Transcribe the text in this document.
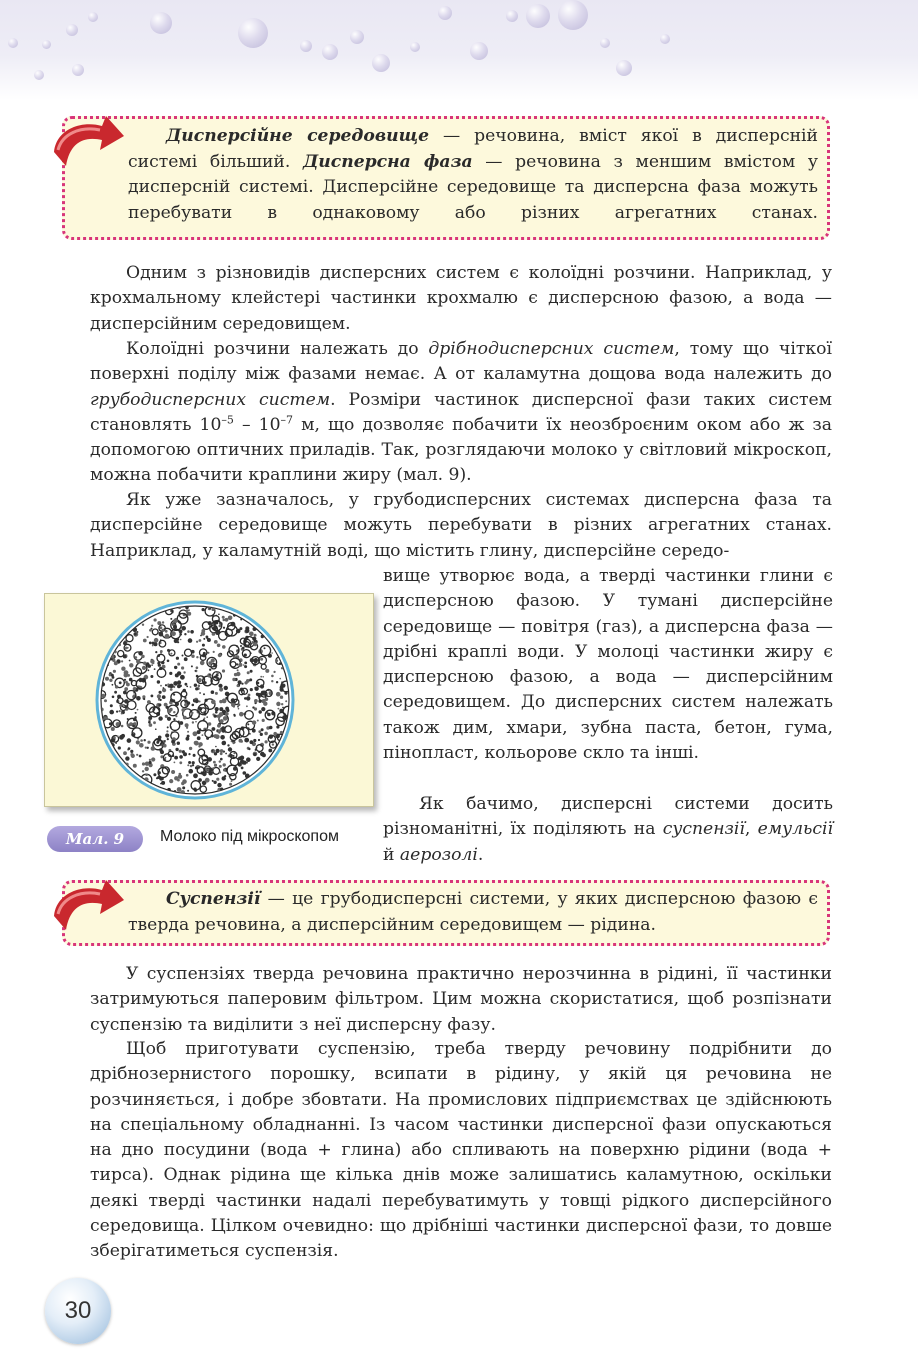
Дисперсійне середовище — речовина, вміст якої в дисперсній системі більший. Дисперсна фаза — речовина з меншим вмістом у дисперсній системі. Дисперсійне середовище та дисперсна фаза можуть перебувати в однаковому або різних агрегатних станах.

Одним з різновидів дисперсних систем є колоїдні розчини. Наприклад, у крохмальному клейстері частинки крохмалю є дисперсною фазою, а вода — дисперсійним середовищем.

Колоїдні розчини належать до дрібнодисперсних систем, тому що чіткої поверхні поділу між фазами немає. А от каламутна дощова вода належить до грубодисперсних систем. Розміри частинок дисперсної фази таких систем становлять $10^{-5} - 10^{-7}$ м, що дозволяє побачити їх неозброєним оком або ж за допомогою оптичних приладів. Так, розглядаючи молоко у світловий мікроскоп, можна побачити краплини жиру (мал. 9).

Як уже зазначалось, у грубодисперсних системах дисперсна фаза та дисперсійне середовище можуть перебувати в різних агрегатних станах. Наприклад, у каламутній воді, що містить глину, дисперсійне середо-

вище утворює вода, а тверді частинки глини є дисперсною фазою. У тумані дисперсійне середовище — повітря (газ), а дисперсна фаза — дрібні краплі води. У молоці частинки жиру є дисперсною фазою, а вода — дисперсійним середовищем. До дисперсних систем належать також дим, хмари, зубна паста, бетон, гума, пінопласт, кольорове скло та інші.

Як бачимо, дисперсні системи досить різноманітні, їх поділяють на суспензії, емульсії й аерозолі.

Мал. 9	Молоко під мікроскопом
Суспензії — це грубодисперсні системи, у яких дисперсною фазою є тверда речовина, а дисперсійним середовищем — рідина.

У суспензіях тверда речовина практично нерозчинна в рідині, її частинки затримуються паперовим фільтром. Цим можна скористатися, щоб розпізнати суспензію та виділити з неї дисперсну фазу.

Щоб приготувати суспензію, треба тверду речовину подрібнити до дрібнозернистого порошку, всипати в рідину, у якій ця речовина не розчиняється, і добре збовтати. На промислових підприємствах це здійснюють на спеціальному обладнанні. Із часом частинки дисперсної фази опускаються на дно посудини (вода + глина) або спливають на поверхню рідини (вода + тирса). Однак рідина ще кілька днів може залишатись каламутною, оскільки деякі тверді частинки надалі перебуватимуть у товщі рідкого дисперсійного середовища. Цілком очевидно: що дрібніші частинки дисперсної фази, то довше зберігатиметься суспензія.

30
